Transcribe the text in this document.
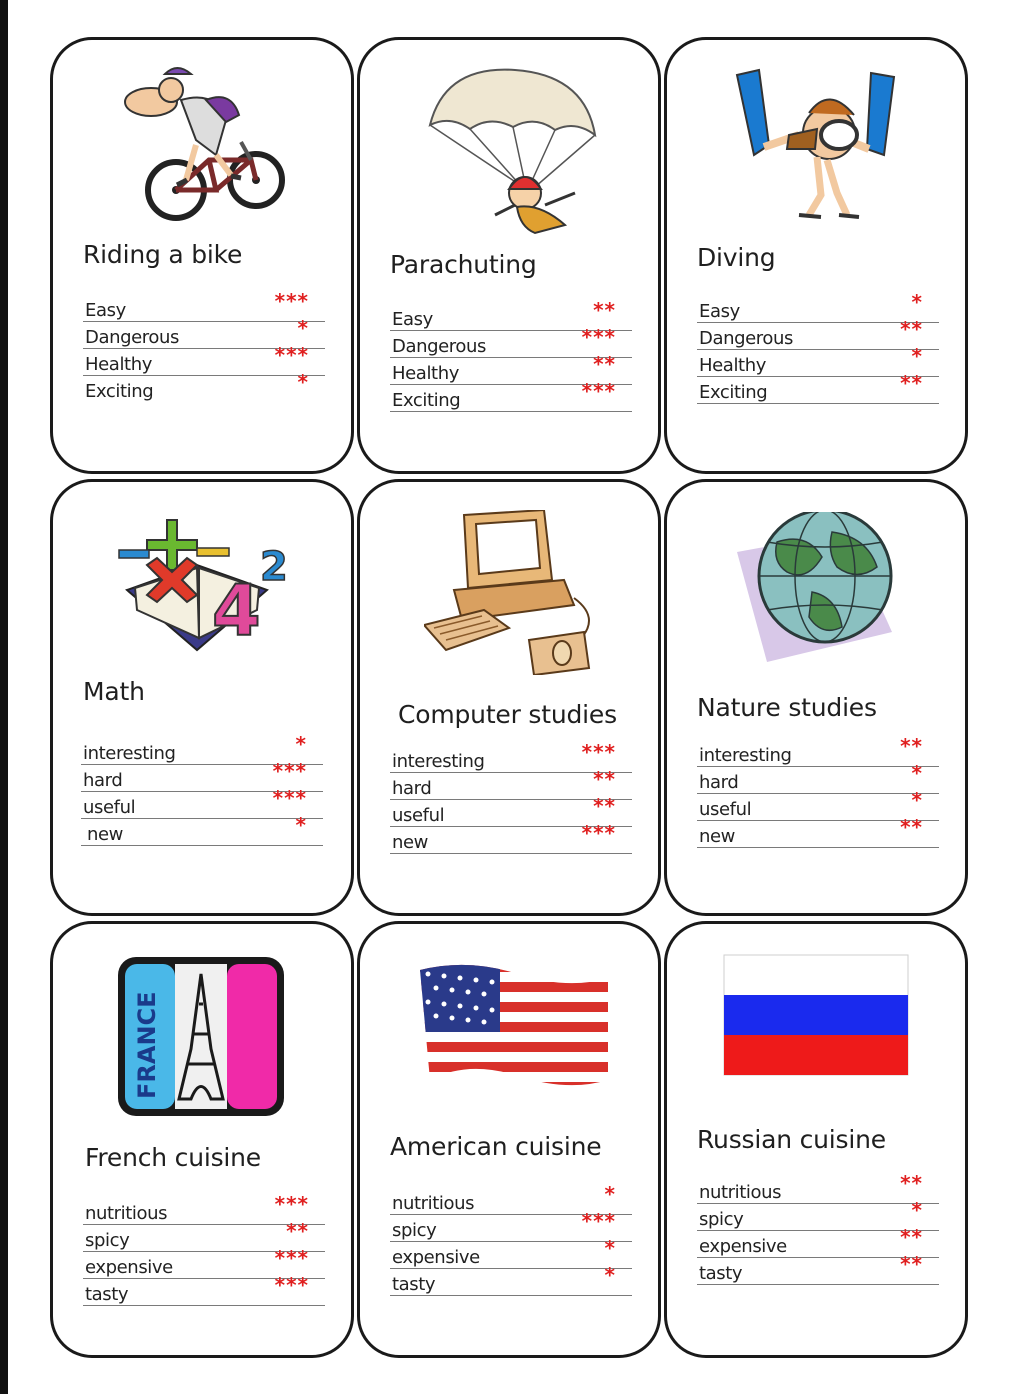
Riding a bike
Easy	***
Dangerous	*
Healthy	***
Exciting	*
Parachuting
Easy	**
Dangerous	***
Healthy	**
Exciting	***
Diving
Easy	*
Dangerous	**
Healthy	*
Exciting	**
4
2
Math
interesting	*
hard	***
useful	***
new	*
Computer studies
interesting	***
hard	**
useful	**
new	***
Nature studies
interesting	**
hard	*
useful	*
new	**
FRANCE
French cuisine
nutritious	***
spicy	**
expensive	***
tasty	***
American cuisine
nutritious	*
spicy	***
expensive	*
tasty	*
Russian cuisine
nutritious	**
spicy	*
expensive	**
tasty	**
